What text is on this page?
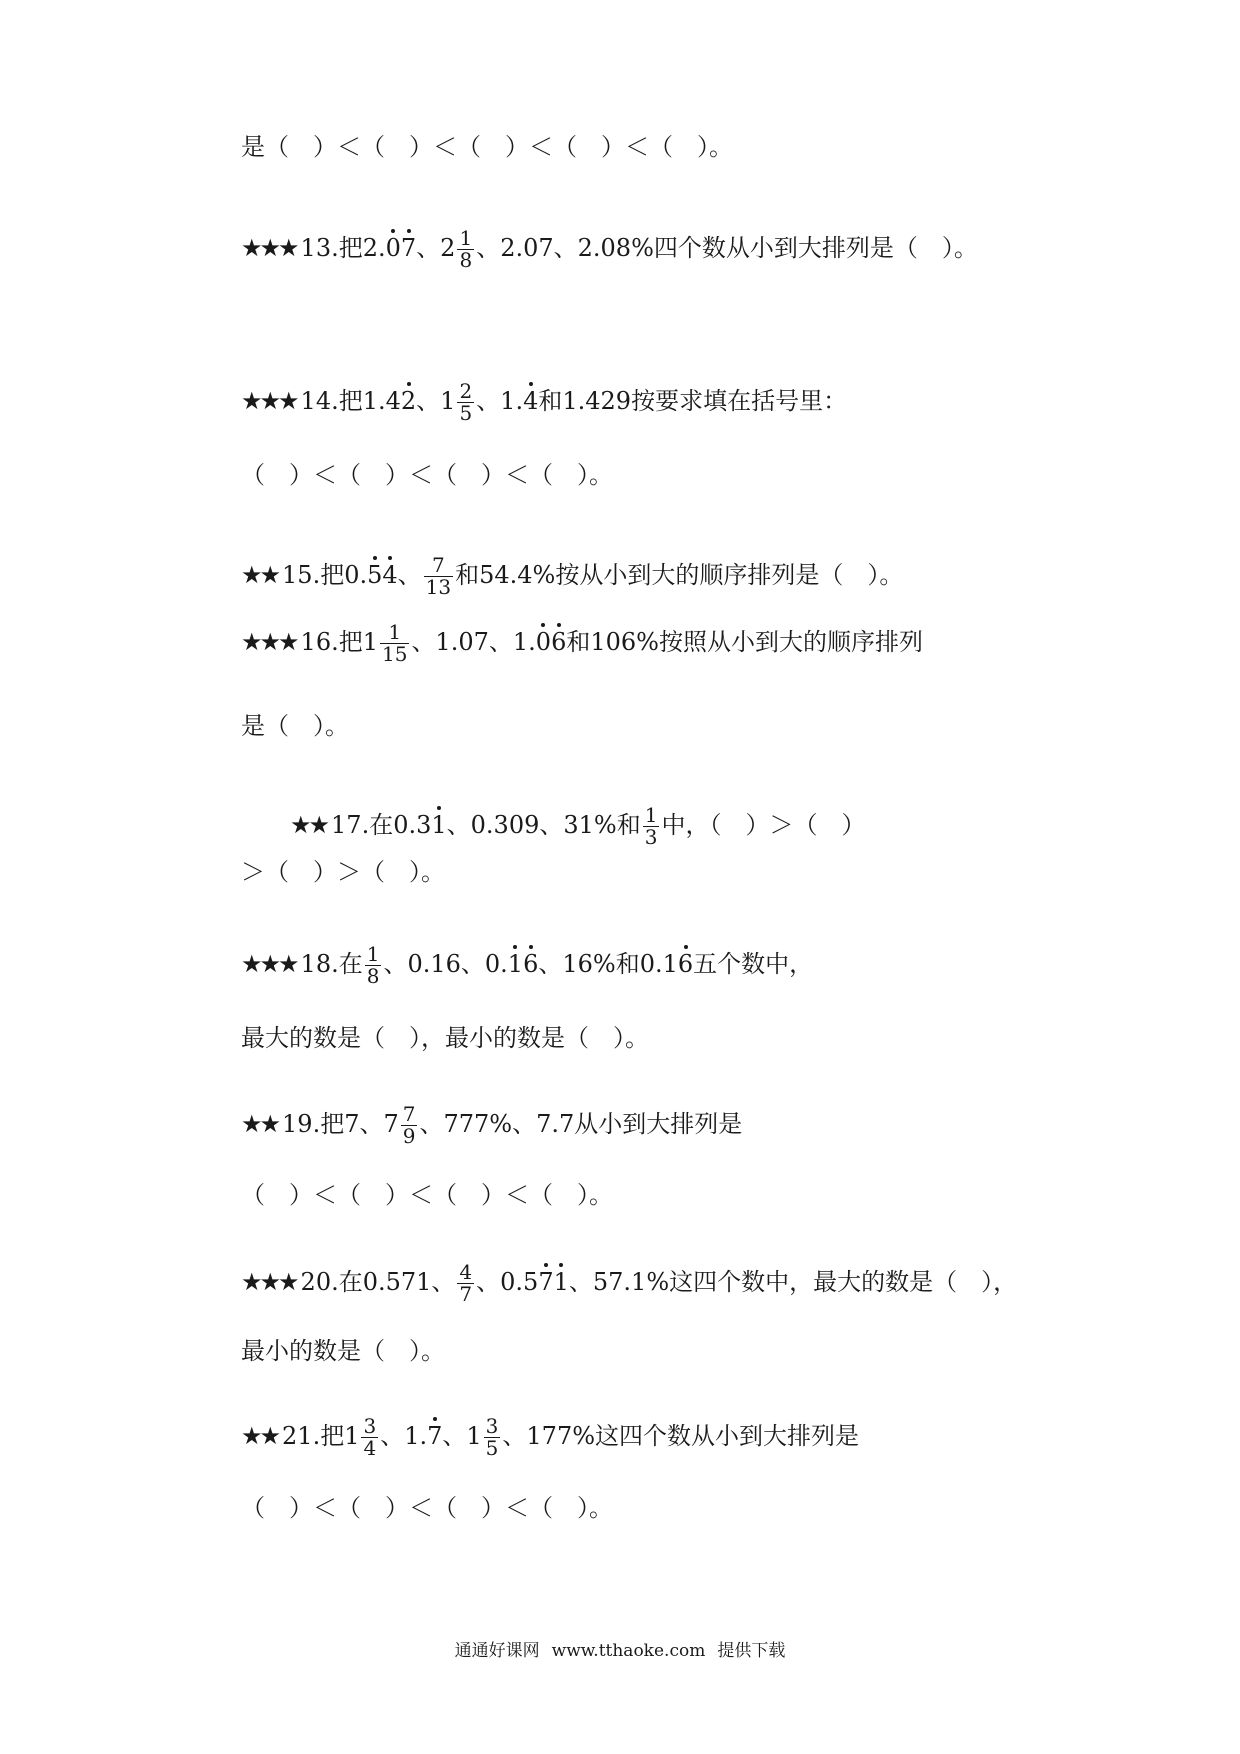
是（　）＜（　）＜（　）＜（　）＜（　）。
★★★ 13.把2.07、$2 \frac{1}{8}$ 、2.07、2.08%四个数从小到大排列是（　）。
★★★ 14.把1.42、$1 \frac{2}{5}$ 、1.4和1.429按要求填在括号里：
（　）＜（　）＜（　）＜（　）。
★★ 15.把0.54、 $\frac{7}{13}$ 和54.4%按从小到大的顺序排列是（　）。
★★★ 16.把$1 \frac{1}{15}$ 、1.07、1.06和106%按照从小到大的顺序排列
是（　）。
★★ 17.在0.31、0.309、31%和 $\frac{1}{3}$ 中，（　）＞（　）
＞（　）＞（　）。
★★★ 18.在 $\frac{1}{8}$ 、0.16、0.16、16%和0.16五个数中，
最大的数是（　），最小的数是（　）。
★★ 19.把7、$7 \frac{7}{9}$ 、777%、7.7从小到大排列是
（　）＜（　）＜（　）＜（　）。
★★★ 20.在0.571、 $\frac{4}{7}$ 、0.571、57.1%这四个数中，最大的数是（　），
最小的数是（　）。
★★ 21.把$1 \frac{3}{4}$ 、1.7、$1 \frac{3}{5}$ 、177%这四个数从小到大排列是
（　）＜（　）＜（　）＜（　）。
通通好课网 www.tthaoke.com 提供下载
